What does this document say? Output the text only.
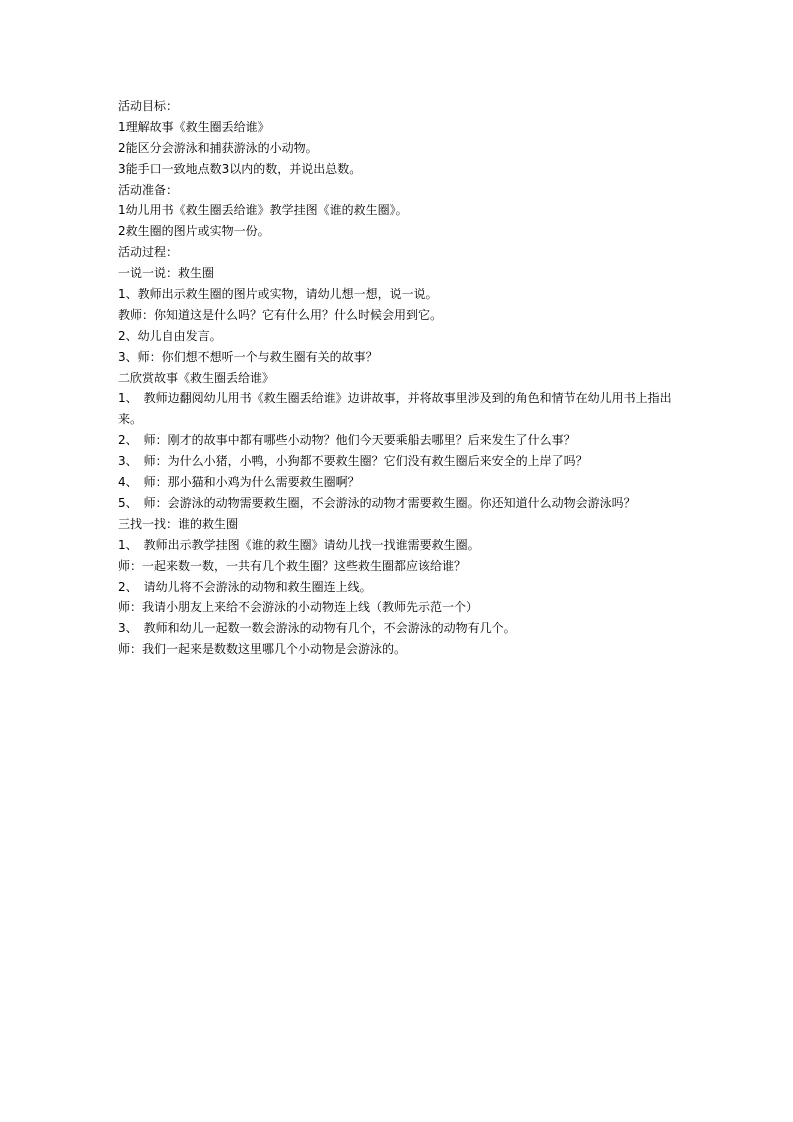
活动目标：
1理解故事《救生圈丢给谁》
2能区分会游泳和捕获游泳的小动物。
3能手口一致地点数3以内的数，并说出总数。
活动准备：
1幼儿用书《救生圈丢给谁》教学挂图《谁的救生圈》。
2救生圈的图片或实物一份。
活动过程：
一说一说：救生圈
1、教师出示救生圈的图片或实物，请幼儿想一想，说一说。
教师：你知道这是什么吗？它有什么用？什么时候会用到它。
2、幼儿自由发言。
3、师：你们想不想听一个与救生圈有关的故事？
二欣赏故事《救生圈丢给谁》
1、　教师边翻阅幼儿用书《救生圈丢给谁》边讲故事，并将故事里涉及到的角色和情节在幼儿用书上指出来。
2、　师：刚才的故事中都有哪些小动物？他们今天要乘船去哪里？后来发生了什么事？
3、　师：为什么小猪，小鸭，小狗都不要救生圈？它们没有救生圈后来安全的上岸了吗？
4、　师：那小猫和小鸡为什么需要救生圈啊？
5、　师：会游泳的动物需要救生圈，不会游泳的动物才需要救生圈。你还知道什么动物会游泳吗？
三找一找：谁的救生圈
1、　教师出示教学挂图《谁的救生圈》请幼儿找一找谁需要救生圈。
师：一起来数一数，一共有几个救生圈？这些救生圈都应该给谁？
2、　请幼儿将不会游泳的动物和救生圈连上线。
师：我请小朋友上来给不会游泳的小动物连上线（教师先示范一个）
3、　教师和幼儿一起数一数会游泳的动物有几个，不会游泳的动物有几个。
师：我们一起来是数数这里哪几个小动物是会游泳的。
